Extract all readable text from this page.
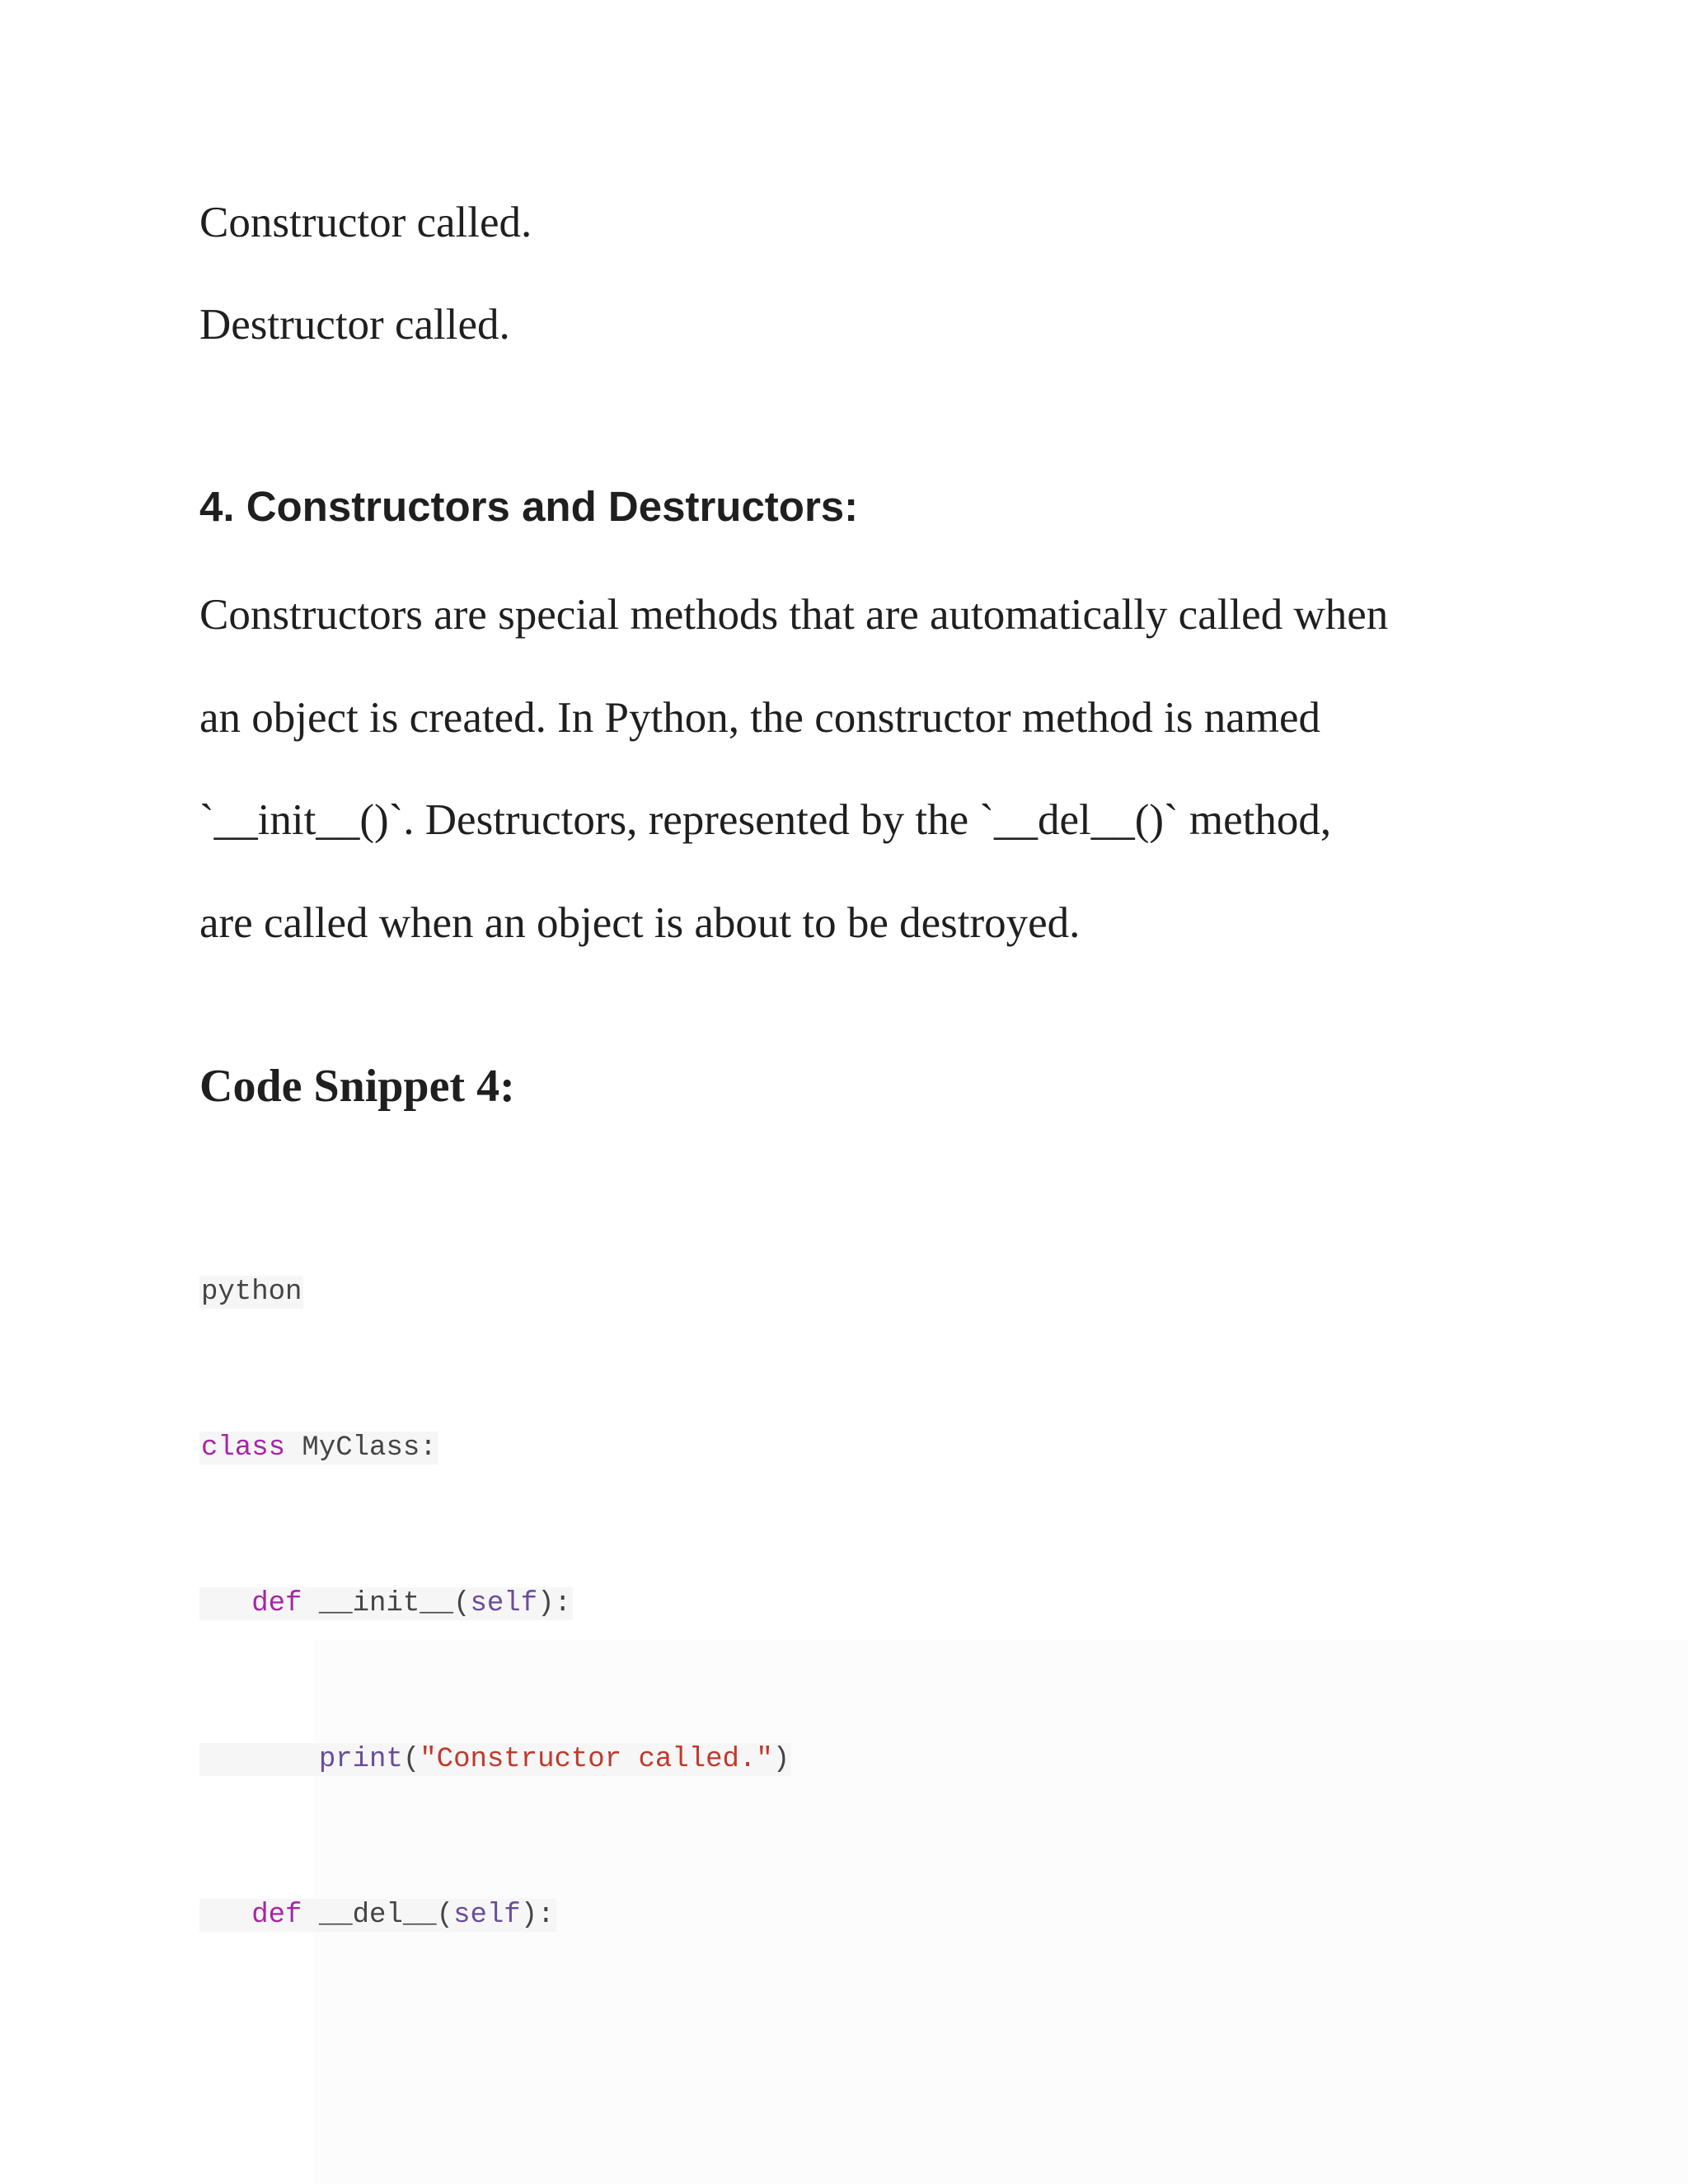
Constructor called.

Destructor called.

4. Constructors and Destructors:
Constructors are special methods that are automatically called when
an object is created. In Python, the constructor method is named
`__init__()`. Destructors, represented by the `__del__()` method,
are called when an object is about to be destroyed.
Code Snippet 4:
python
class MyClass:
def __init__(self):
print("Constructor called.")
def __del__(self):
